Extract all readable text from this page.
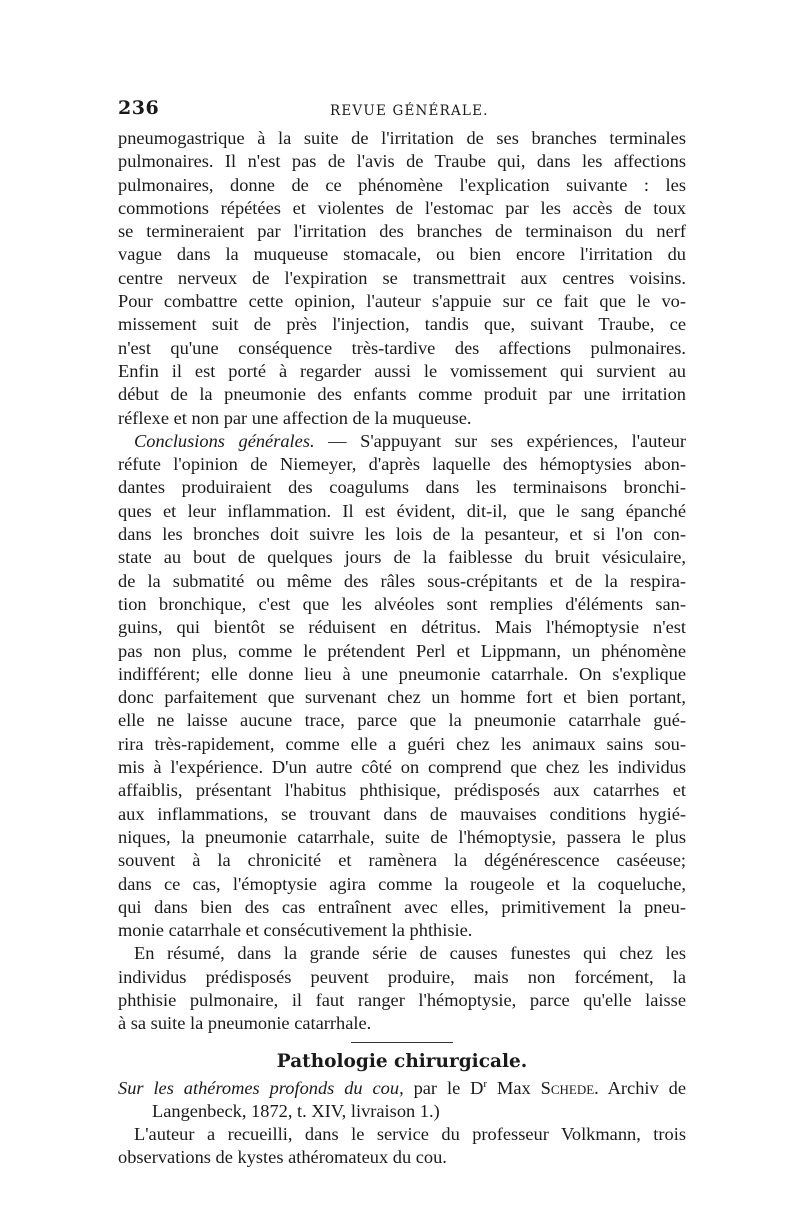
236	REVUE GÉNÉRALE.
pneumogastrique à la suite de l'irritation de ses branches terminales
pulmonaires. Il n'est pas de l'avis de Traube qui, dans les affections
pulmonaires, donne de ce phénomène l'explication suivante : les
commotions répétées et violentes de l'estomac par les accès de toux
se termineraient par l'irritation des branches de terminaison du nerf
vague dans la muqueuse stomacale, ou bien encore l'irritation du
centre nerveux de l'expiration se transmettrait aux centres voisins.
Pour combattre cette opinion, l'auteur s'appuie sur ce fait que le vo-
missement suit de près l'injection, tandis que, suivant Traube, ce
n'est qu'une conséquence très-tardive des affections pulmonaires.
Enfin il est porté à regarder aussi le vomissement qui survient au
début de la pneumonie des enfants comme produit par une irritation
réflexe et non par une affection de la muqueuse.
Conclusions générales. — S'appuyant sur ses expériences, l'auteur
réfute l'opinion de Niemeyer, d'après laquelle des hémoptysies abon-
dantes produiraient des coagulums dans les terminaisons bronchi-
ques et leur inflammation. Il est évident, dit-il, que le sang épanché
dans les bronches doit suivre les lois de la pesanteur, et si l'on con-
state au bout de quelques jours de la faiblesse du bruit vésiculaire,
de la submatité ou même des râles sous-crépitants et de la respira-
tion bronchique, c'est que les alvéoles sont remplies d'éléments san-
guins, qui bientôt se réduisent en détritus. Mais l'hémoptysie n'est
pas non plus, comme le prétendent Perl et Lippmann, un phénomène
indifférent; elle donne lieu à une pneumonie catarrhale. On s'explique
donc parfaitement que survenant chez un homme fort et bien portant,
elle ne laisse aucune trace, parce que la pneumonie catarrhale gué-
rira très-rapidement, comme elle a guéri chez les animaux sains sou-
mis à l'expérience. D'un autre côté on comprend que chez les individus
affaiblis, présentant l'habitus phthisique, prédisposés aux catarrhes et
aux inflammations, se trouvant dans de mauvaises conditions hygié-
niques, la pneumonie catarrhale, suite de l'hémoptysie, passera le plus
souvent à la chronicité et ramènera la dégénérescence caséeuse;
dans ce cas, l'émoptysie agira comme la rougeole et la coqueluche,
qui dans bien des cas entraînent avec elles, primitivement la pneu-
monie catarrhale et consécutivement la phthisie.
En résumé, dans la grande série de causes funestes qui chez les
individus prédisposés peuvent produire, mais non forcément, la
phthisie pulmonaire, il faut ranger l'hémoptysie, parce qu'elle laisse
à sa suite la pneumonie catarrhale.
Pathologie chirurgicale.
Sur les athéromes profonds du cou, par le $D^r$ Max Schede. Archiv de
Langenbeck, 1872, t. XIV, livraison 1.)
L'auteur a recueilli, dans le service du professeur Volkmann, trois
observations de kystes athéromateux du cou.
